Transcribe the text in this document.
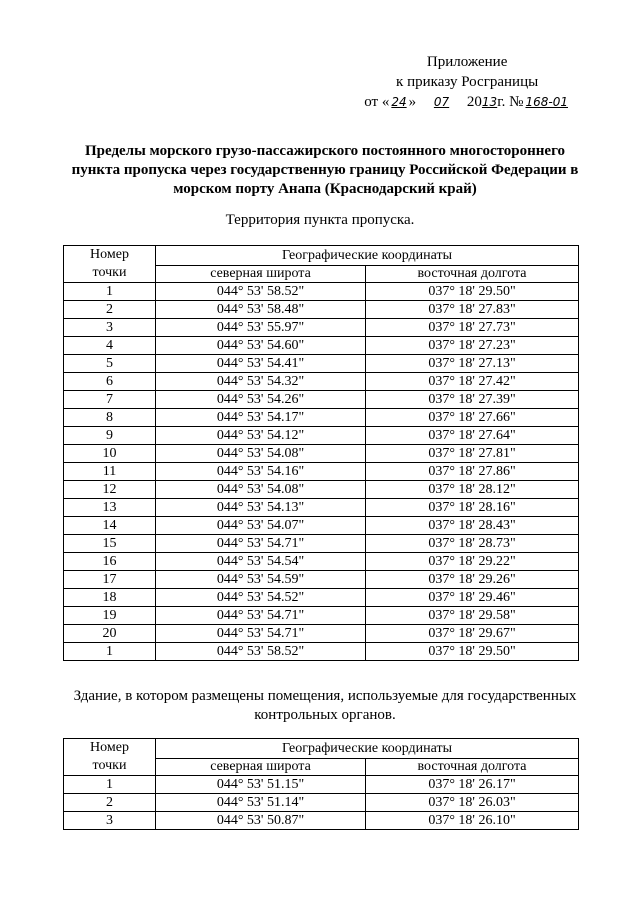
Приложение
к приказу Росграницы
от « 24 » 07 2013г. № 168-01
Пределы морского грузо-пассажирского постоянного многостороннего пункта пропуска через государственную границу Российской Федерации в морском порту Анапа (Краснодарский край)
Территория пункта пропуска.
Номер
точки	Географические координаты	
	северная широта	восточная долгота
1	044° 53' 58.52"	037° 18' 29.50"
2	044° 53' 58.48"	037° 18' 27.83"
3	044° 53' 55.97"	037° 18' 27.73"
4	044° 53' 54.60"	037° 18' 27.23"
5	044° 53' 54.41"	037° 18' 27.13"
6	044° 53' 54.32"	037° 18' 27.42"
7	044° 53' 54.26"	037° 18' 27.39"
8	044° 53' 54.17"	037° 18' 27.66"
9	044° 53' 54.12"	037° 18' 27.64"
10	044° 53' 54.08"	037° 18' 27.81"
11	044° 53' 54.16"	037° 18' 27.86"
12	044° 53' 54.08"	037° 18' 28.12"
13	044° 53' 54.13"	037° 18' 28.16"
14	044° 53' 54.07"	037° 18' 28.43"
15	044° 53' 54.71"	037° 18' 28.73"
16	044° 53' 54.54"	037° 18' 29.22"
17	044° 53' 54.59"	037° 18' 29.26"
18	044° 53' 54.52"	037° 18' 29.46"
19	044° 53' 54.71"	037° 18' 29.58"
20	044° 53' 54.71"	037° 18' 29.67"
1	044° 53' 58.52"	037° 18' 29.50"
Здание, в котором размещены помещения, используемые для государственных контрольных органов.
Номер
точки	Географические координаты	
	северная широта	восточная долгота
1	044° 53' 51.15"	037° 18' 26.17"
2	044° 53' 51.14"	037° 18' 26.03"
3	044° 53' 50.87"	037° 18' 26.10"
